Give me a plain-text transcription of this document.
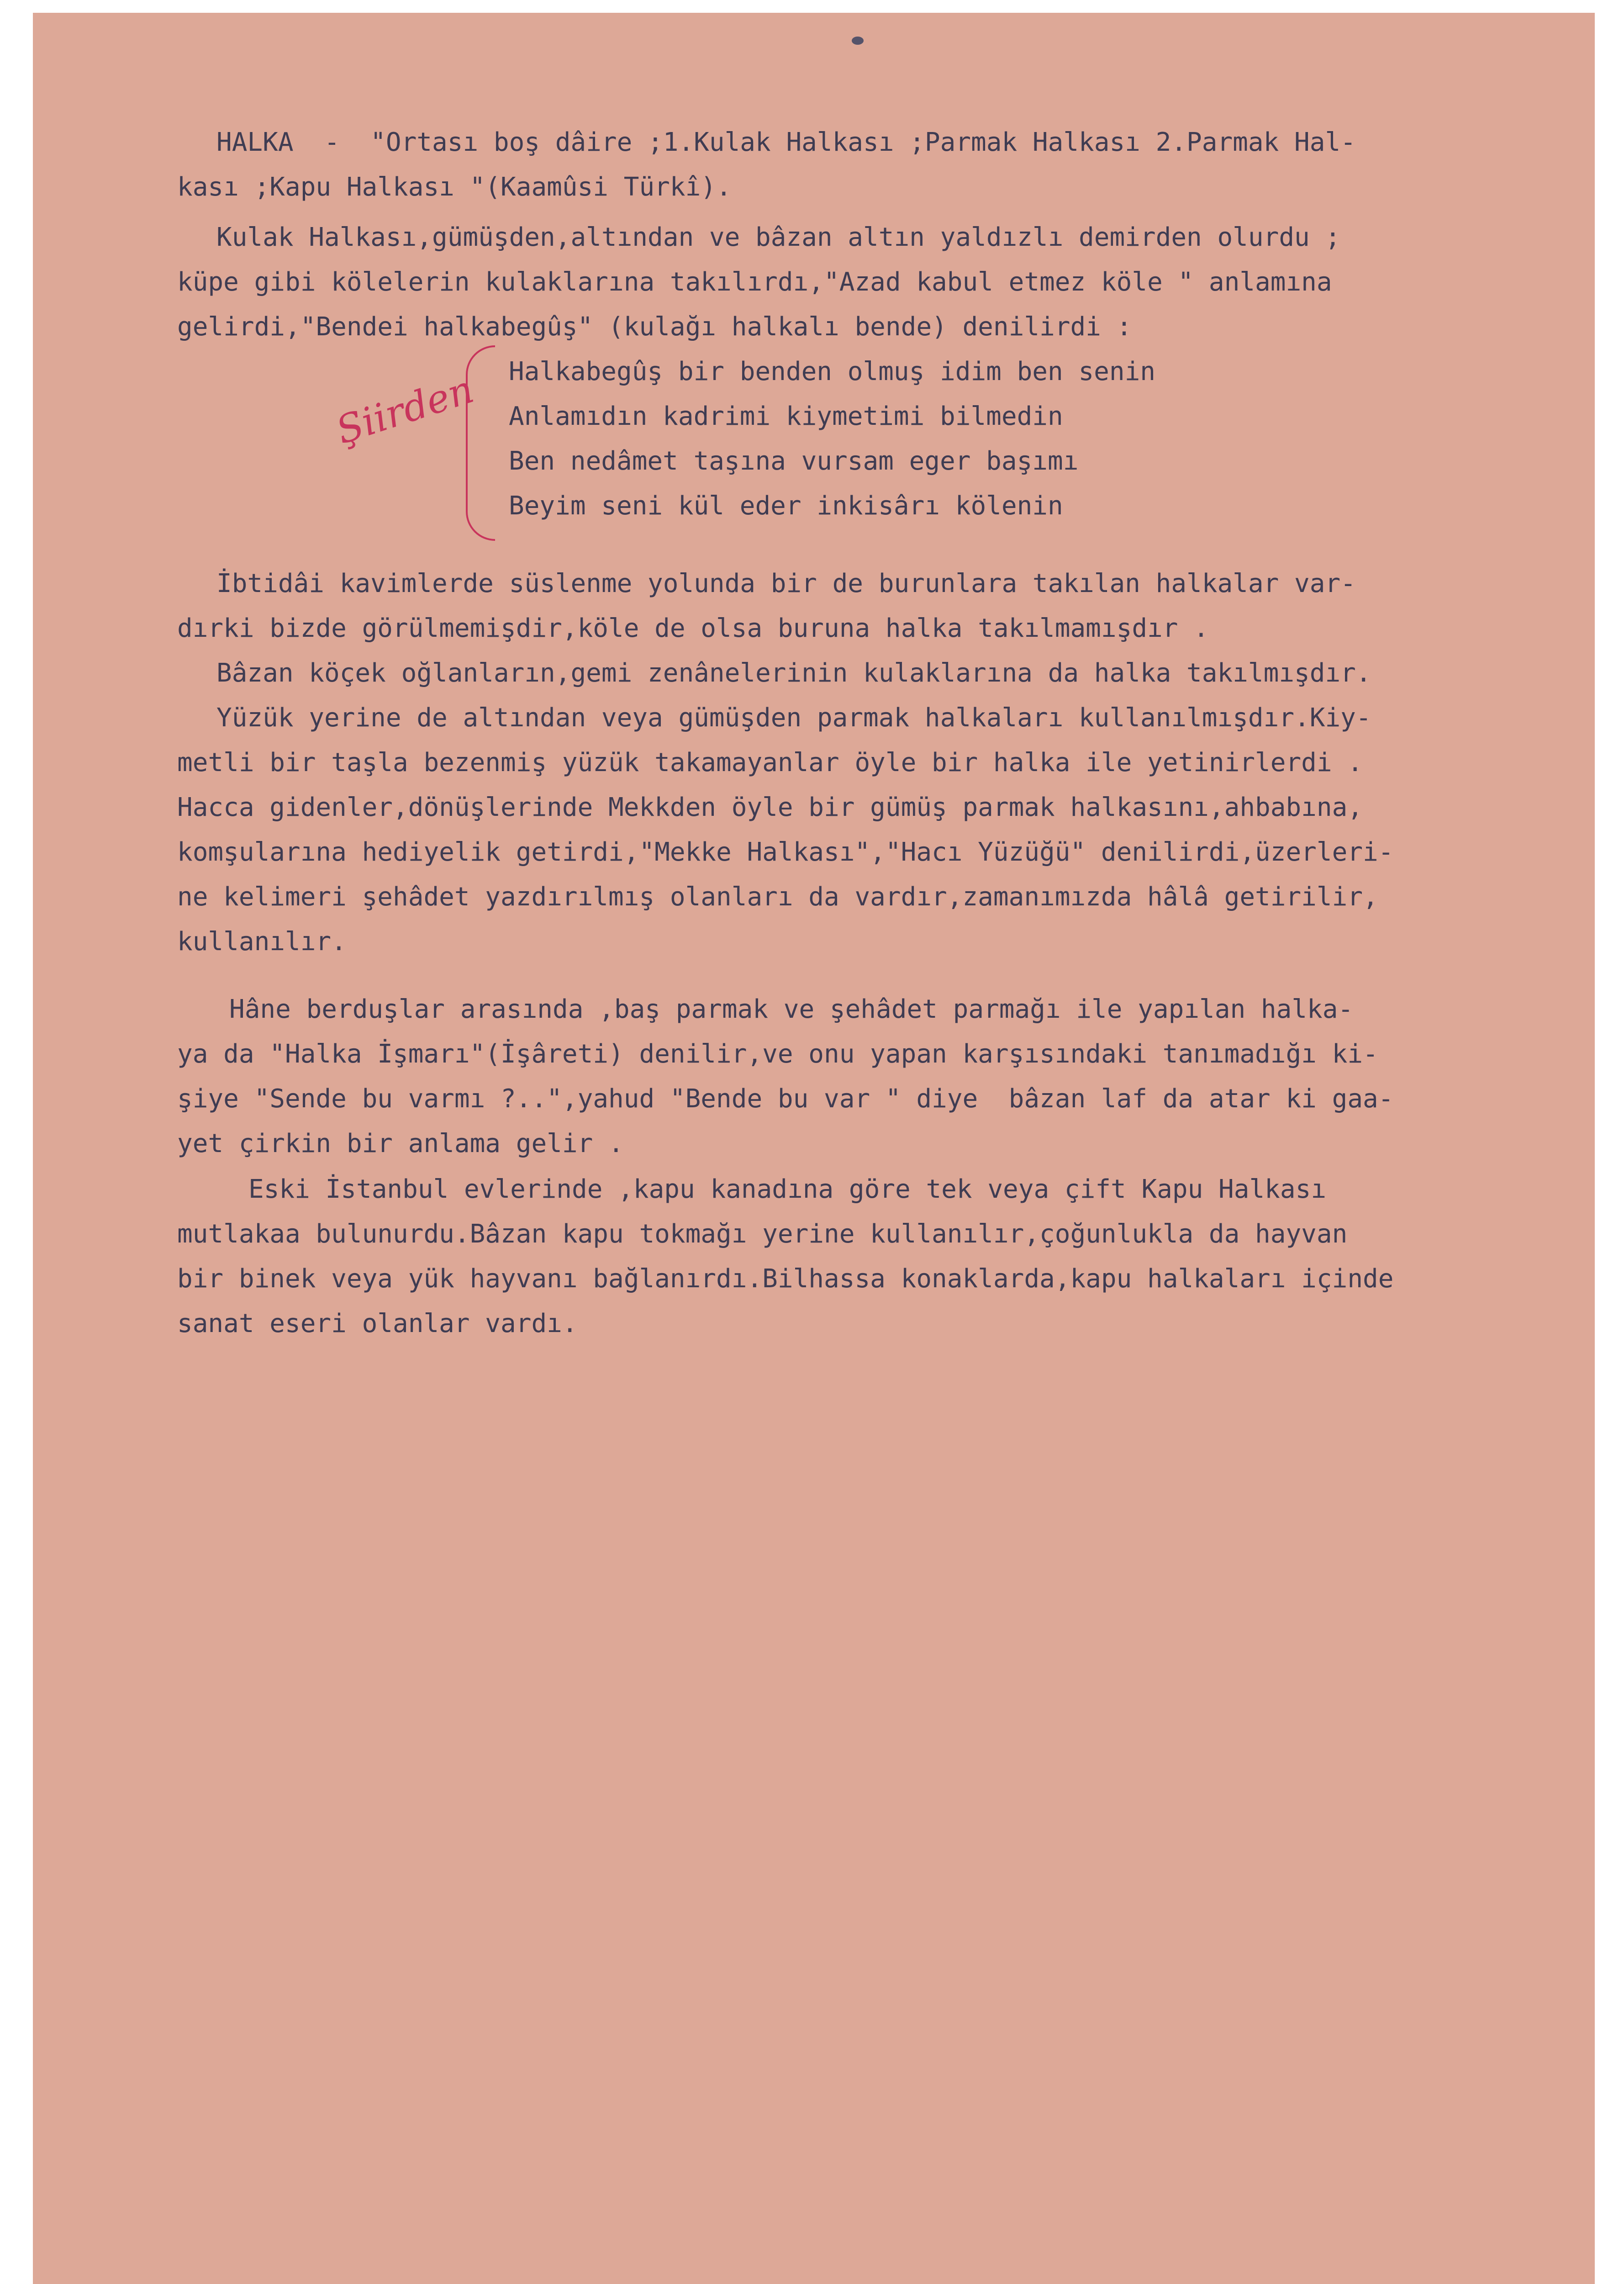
HALKA  -  "Ortası boş dâire ;1.Kulak Halkası ;Parmak Halkası 2.Parmak Hal-
kası ;Kapu Halkası "(Kaamûsi Türkî).
Kulak Halkası,gümüşden,altından ve bâzan altın yaldızlı demirden olurdu ;
küpe gibi kölelerin kulaklarına takılırdı,"Azad kabul etmez köle " anlamına
gelirdi,"Bendei halkabegûş" (kulağı halkalı bende) denilirdi :
Halkabegûş bir benden olmuş idim ben senin
Anlamıdın kadrimi kiymetimi bilmedin
Ben nedâmet taşına vursam eger başımı
Beyim seni kül eder inkisârı kölenin
İbtidâi kavimlerde süslenme yolunda bir de burunlara takılan halkalar var-
dırki bizde görülmemişdir,köle de olsa buruna halka takılmamışdır .
Bâzan köçek oğlanların,gemi zenânelerinin kulaklarına da halka takılmışdır.
Yüzük yerine de altından veya gümüşden parmak halkaları kullanılmışdır.Kiy-
metli bir taşla bezenmiş yüzük takamayanlar öyle bir halka ile yetinirlerdi .
Hacca gidenler,dönüşlerinde Mekkden öyle bir gümüş parmak halkasını,ahbabına,
komşularına hediyelik getirdi,"Mekke Halkası","Hacı Yüzüğü" denilirdi,üzerleri-
ne kelimeri şehâdet yazdırılmış olanları da vardır,zamanımızda hâlâ getirilir,
kullanılır.
Hâne berduşlar arasında ,baş parmak ve şehâdet parmağı ile yapılan halka-
ya da "Halka İşmarı"(İşâreti) denilir,ve onu yapan karşısındaki tanımadığı ki-
şiye "Sende bu varmı ?..",yahud "Bende bu var " diye  bâzan laf da atar ki gaa-
yet çirkin bir anlama gelir .
Eski İstanbul evlerinde ,kapu kanadına göre tek veya çift Kapu Halkası
mutlakaa bulunurdu.Bâzan kapu tokmağı yerine kullanılır,çoğunlukla da hayvan
bir binek veya yük hayvanı bağlanırdı.Bilhassa konaklarda,kapu halkaları içinde
sanat eseri olanlar vardı.
Şiirden
